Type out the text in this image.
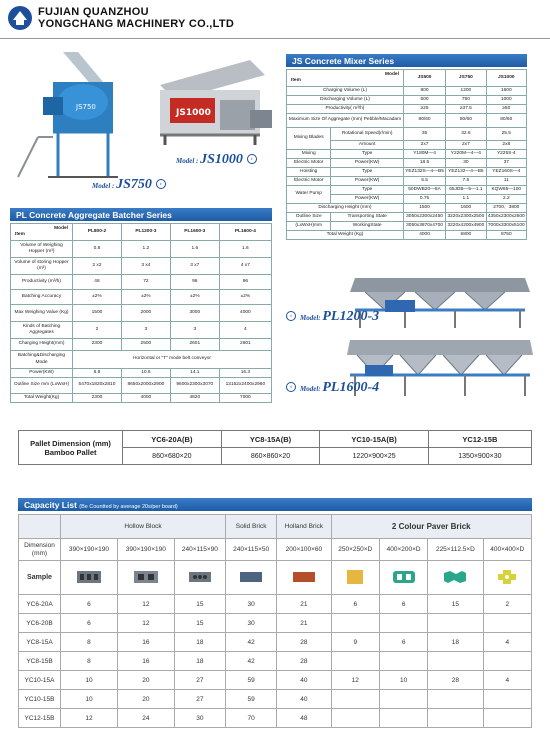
FUJIAN QUANZHOU
YONGCHANG MACHINERY CO.,LTD
JS750
Model : JS750 ›
JS1000
Model : JS1000 ›
JS Concrete Mixer Series
Model
Item		JS500	JS750	JS1000
Charging Volume (L)		800	1200	1600
Discharging Volume (L)		500	750	1000
Productivity( m³/h)		≥25	≥37.5	≥50
Maximum Size Of Aggregate (mm) Pebble/Macadam		80/60	80/60	80/60
Mixing Blades	Rotational Speed(r/min)	35	32.6	25.5
	Amount	2x7	2x7	2x8
Mixing	Type	Y180M—4	Y220M—4—4	Y225S-4
Electric Motor	Power(KW)	18.5	30	37
Hoisting	Type	YEZ132S—4—B5	YEZ132—4—B5	YEZ160S—4
Electric Motor	Power(KW)	5.5	7.5	11
Water Pump	Type	50DWB20—8A	65JDB—5—1.1	KQW65—100
	Power(KW)	0.75	1.1	2.2
Discharging Height (mm)		1500	1600	2700、3800
Outline Size	Transporting State	3050x2300x2450	3220x2300x2500	4350x2300x2600
(LxWxH)mm	WorkingState	3050x3870x4700	3220x4200x4900	7000x3300x5100
Total Weight (Kg)		4000	6800	8750
PL Concrete Aggregate Batcher Series
Model
Item	PL800-2	PL1200-3	PL1600-3	PL1600-4
Volume of Weighing Hopper (m³)	0.8	1.2	1.6	1.6
Volume of storing Hopper (m³)	2 x2	3 x4	3 x7	4 x7
Productivity (m³/h)	48	72	96	96
Batching Accuracy	±2%	±2%	±2%	±2%
Max Weighing Value (Kg)	1500	2000	3000	4000
Kinds of Batching Aggregates	2	3	3	4
Charging Height(mm)	2300	2500	2601	2601
Batching&Discharging Mode	Horizontal or "T" mode belt conveyor			
Power(KW)	6.6	10.6	14.1	16.3
Outline Size mm (LxWxH)	5470x1820x2810	8650x2000x2900	9600x2300x3070	13152x2400x2960
Total Weight(Kg)	2300	4000	4820	7000
‹ Model: PL1200-3
‹ Model: PL1600-4
Pallet Dimension (mm)
Bamboo Pallet	YC6-20A(B)	YC8-15A(B)	YC10-15A(B)	YC12-15B
	860×680×20	860×860×20	1220×900×25	1350×900×30
Capacity List (Be Countted by average 20s/per board)
	Hollow Block			Solid Brick	Holland Brick	2 Colour Paver Brick			
Dimension (mm)	390×190×190	390×190×190	240×115×90	240×115×50	200×100×60	250×250×D	400×200×D	225×112.5×D	400×400×D
Sample									
YC6-20A	6	12	15	30	21	6	6	15	2
YC6-20B	6	12	15	30	21				
YC8-15A	8	16	18	42	28	9	6	18	4
YC8-15B	8	16	18	42	28				
YC10-15A	10	20	27	59	40	12	10	28	4
YC10-15B	10	20	27	59	40				
YC12-15B	12	24	30	70	48				
